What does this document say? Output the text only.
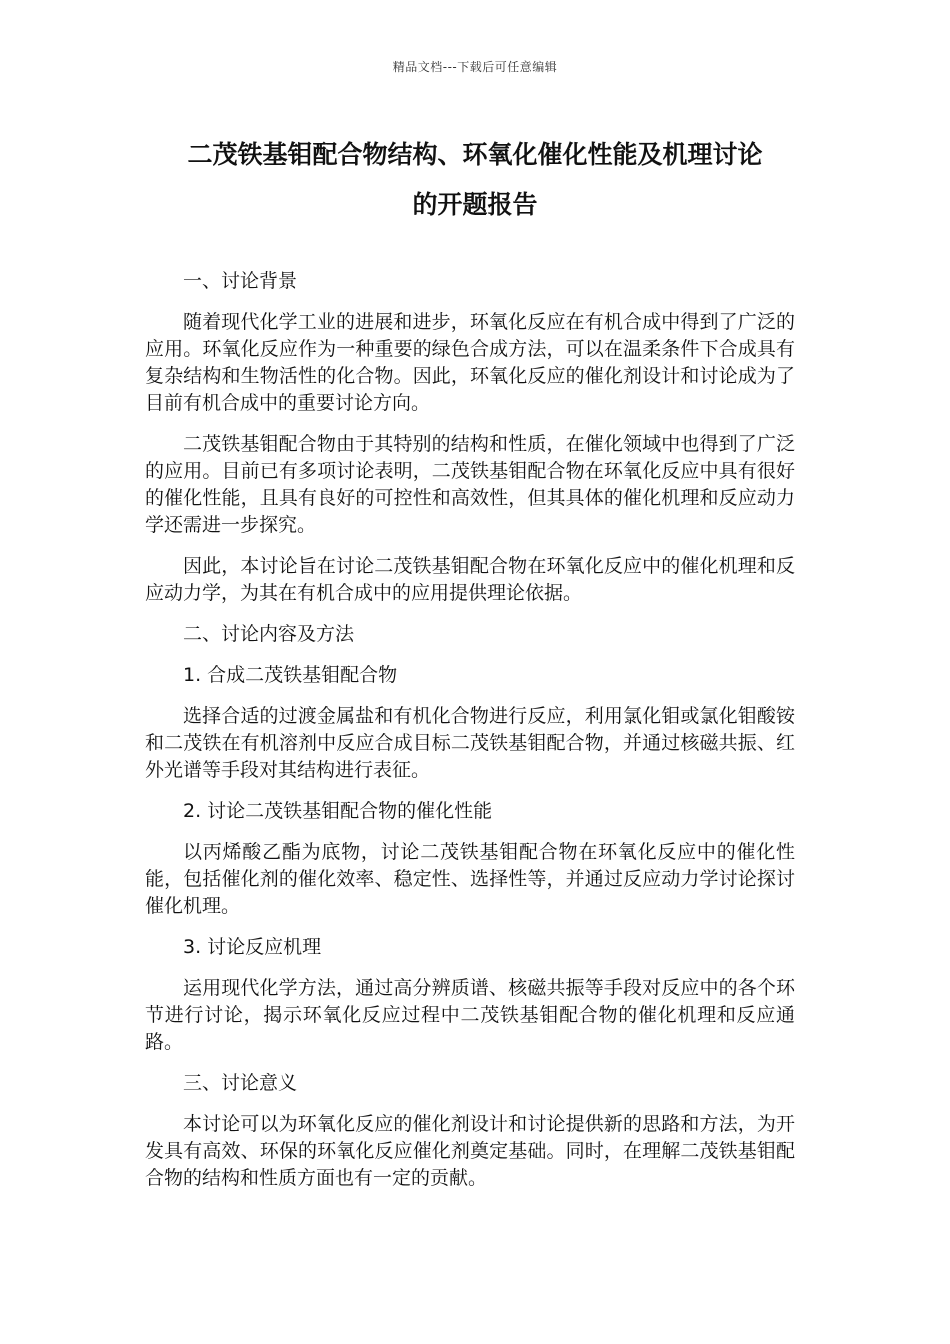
精品文档---下载后可任意编辑
二茂铁基钼配合物结构、环氧化催化性能及机理讨论
的开题报告

一、讨论背景

随着现代化学工业的进展和进步，环氧化反应在有机合成中得到了广泛的应用。环氧化反应作为一种重要的绿色合成方法，可以在温柔条件下合成具有复杂结构和生物活性的化合物。因此，环氧化反应的催化剂设计和讨论成为了目前有机合成中的重要讨论方向。

二茂铁基钼配合物由于其特别的结构和性质，在催化领域中也得到了广泛的应用。目前已有多项讨论表明，二茂铁基钼配合物在环氧化反应中具有很好的催化性能，且具有良好的可控性和高效性，但其具体的催化机理和反应动力学还需进一步探究。

因此，本讨论旨在讨论二茂铁基钼配合物在环氧化反应中的催化机理和反应动力学，为其在有机合成中的应用提供理论依据。

二、讨论内容及方法

1. 合成二茂铁基钼配合物

选择合适的过渡金属盐和有机化合物进行反应，利用氯化钼或氯化钼酸铵和二茂铁在有机溶剂中反应合成目标二茂铁基钼配合物，并通过核磁共振、红外光谱等手段对其结构进行表征。

2. 讨论二茂铁基钼配合物的催化性能

以丙烯酸乙酯为底物，讨论二茂铁基钼配合物在环氧化反应中的催化性能，包括催化剂的催化效率、稳定性、选择性等，并通过反应动力学讨论探讨催化机理。

3. 讨论反应机理

运用现代化学方法，通过高分辨质谱、核磁共振等手段对反应中的各个环节进行讨论，揭示环氧化反应过程中二茂铁基钼配合物的催化机理和反应通路。

三、讨论意义

本讨论可以为环氧化反应的催化剂设计和讨论提供新的思路和方法，为开发具有高效、环保的环氧化反应催化剂奠定基础。同时，在理解二茂铁基钼配合物的结构和性质方面也有一定的贡献。
